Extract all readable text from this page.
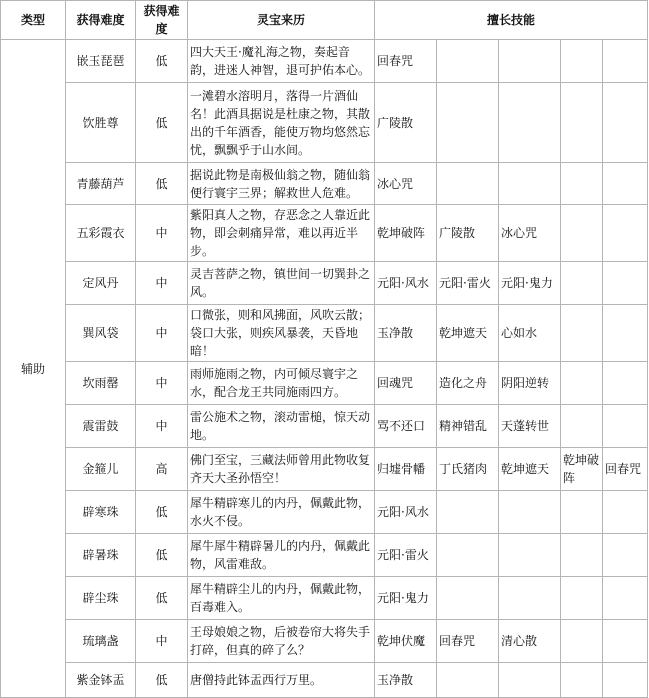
类型	获得难度	获得难度	灵宝来历	擅长技能				
辅助	嵌玉琵琶	低	四大天王·魔礼海之物，奏起音韵，进迷人神智，退可护佑本心。	回春咒				
	饮胜尊	低	一滩碧水溶明月，落得一片酒仙名！此酒具据说是杜康之物，其散出的千年酒香，能使万物均悠然忘忧，飘飘乎于山水间。	广陵散				
	青藤葫芦	低	据说此物是南极仙翁之物，随仙翁便行寰宇三界；解救世人危难。	冰心咒				
	五彩霞衣	中	紫阳真人之物，存恶念之人靠近此物，即会刺痛异常，难以再近半步。	乾坤破阵	广陵散	冰心咒		
	定风丹	中	灵吉菩萨之物，镇世间一切巽卦之风。	元阳·风水	元阳·雷火	元阳·鬼力		
	巽风袋	中	口微张，则和风拂面，风吹云散；袋口大张，则疾风暴袭，天昏地暗！	玉净散	乾坤遮天	心如水		
	坎雨罄	中	雨师施雨之物，内可倾尽寰宇之水，配合龙王共同施雨四方。	回魂咒	造化之舟	阴阳逆转		
	震雷鼓	中	雷公施术之物，滚动雷槌，惊天动地。	骂不还口	精神错乱	天蓬转世		
	金箍儿	高	佛门至宝，三藏法师曾用此物收复齐天大圣孙悟空！	归墟骨幡	丁氏猪肉	乾坤遮天	乾坤破阵	回春咒
	辟寒珠	低	犀牛精辟寒儿的内丹，佩戴此物，水火不侵。	元阳·风水				
	辟暑珠	低	犀牛犀牛精辟暑儿的内丹，佩戴此物，风雷难敌。	元阳·雷火				
	辟尘珠	低	犀牛精辟尘儿的内丹，佩戴此物，百毒难入。	元阳·鬼力				
	琉璃盏	中	王母娘娘之物，后被卷帘大将失手打碎，但真的碎了么？	乾坤伏魔	回春咒	清心散		
	紫金钵盂	低	唐僧持此钵盂西行万里。	玉净散				
